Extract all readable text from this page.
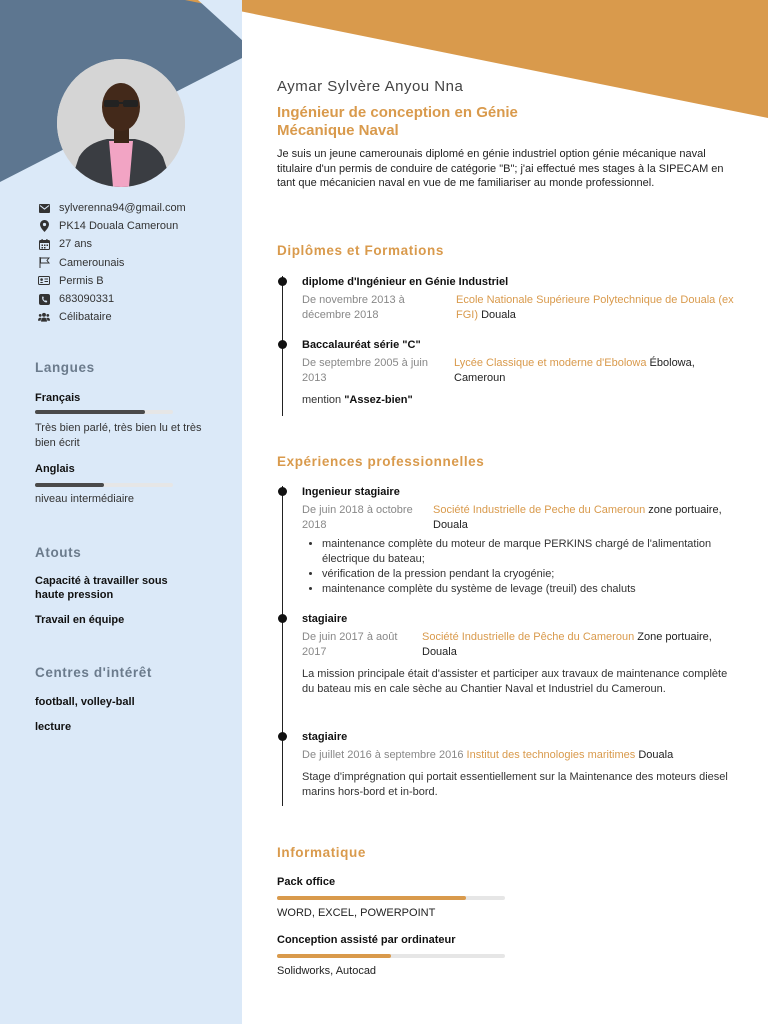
sylverenna94@gmail.com
PK14 Douala Cameroun
27 ans
Camerounais
Permis B
683090331
Célibataire
Langues
Français
Très bien parlé, très bien lu et très bien écrit
Anglais
niveau intermédiaire
Atouts
Capacité à travailler sous haute pression
Travail en équipe
Centres d'intérêt
football, volley-ball
lecture
Aymar Sylvère Anyou Nna
Ingénieur de conception en Génie
Mécanique Naval
Je suis un jeune camerounais diplomé en génie industriel option génie mécanique naval titulaire d'un permis de conduire de catégorie "B"; j'ai effectué mes stages à la SIPECAM en tant que mécanicien naval en vue de me familiariser au monde professionnel.
Diplômes et Formations
diplome d'Ingénieur en Génie Industriel
De novembre 2013 à décembre 2018
Ecole Nationale Supérieure Polytechnique de Douala (ex FGI) Douala
Baccalauréat série "C"
De septembre 2005 à juin 2013
Lycée Classique et moderne d'Ebolowa Ébolowa, Cameroun
mention "Assez-bien"
Expériences professionnelles
Ingenieur stagiaire
De juin 2018 à octobre 2018
Société Industrielle de Peche du Cameroun zone portuaire, Douala
• maintenance complète du moteur de marque PERKINS chargé de l'alimentation électrique du bateau;
• vérification de la pression pendant la cryogénie;
• maintenance complète du système de levage (treuil) des chaluts
stagiaire
De juin 2017 à août 2017
Société Industrielle de Pêche du Cameroun Zone portuaire, Douala
La mission principale était d'assister et participer aux travaux de maintenance complète du bateau mis en cale sèche au Chantier Naval et Industriel du Cameroun.
stagiaire
De juillet 2016 à septembre 2016
Institut des technologies maritimes
Douala
Stage d'imprégnation qui portait essentiellement sur la Maintenance des moteurs diesel marins hors-bord et in-bord.
Informatique
Pack office
WORD, EXCEL, POWERPOINT
Conception assisté par ordinateur
Solidworks, Autocad
